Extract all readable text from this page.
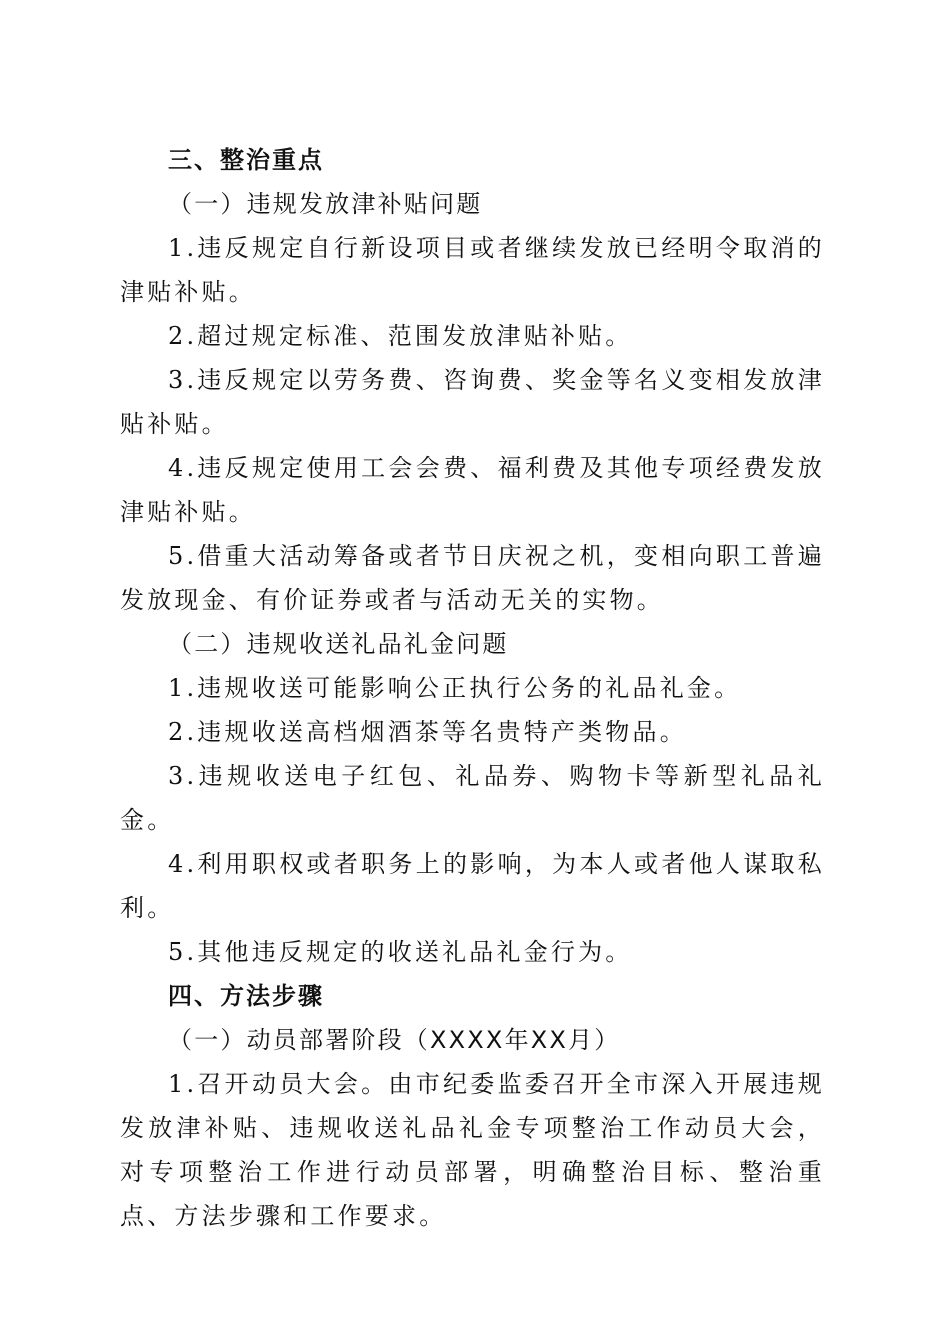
三、整治重点

（一）违规发放津补贴问题

1.违反规定自行新设项目或者继续发放已经明令取消的津贴补贴。

2.超过规定标准、范围发放津贴补贴。

3.违反规定以劳务费、咨询费、奖金等名义变相发放津贴补贴。

4.违反规定使用工会会费、福利费及其他专项经费发放津贴补贴。

5.借重大活动筹备或者节日庆祝之机，变相向职工普遍发放现金、有价证券或者与活动无关的实物。

（二）违规收送礼品礼金问题

1.违规收送可能影响公正执行公务的礼品礼金。

2.违规收送高档烟酒茶等名贵特产类物品。

3.违规收送电子红包、礼品券、购物卡等新型礼品礼金。

4.利用职权或者职务上的影响，为本人或者他人谋取私利。

5.其他违反规定的收送礼品礼金行为。

四、方法步骤

（一）动员部署阶段（XXXX年XX月）

1.召开动员大会。由市纪委监委召开全市深入开展违规发放津补贴、违规收送礼品礼金专项整治工作动员大会，对专项整治工作进行动员部署，明确整治目标、整治重点、方法步骤和工作要求。
